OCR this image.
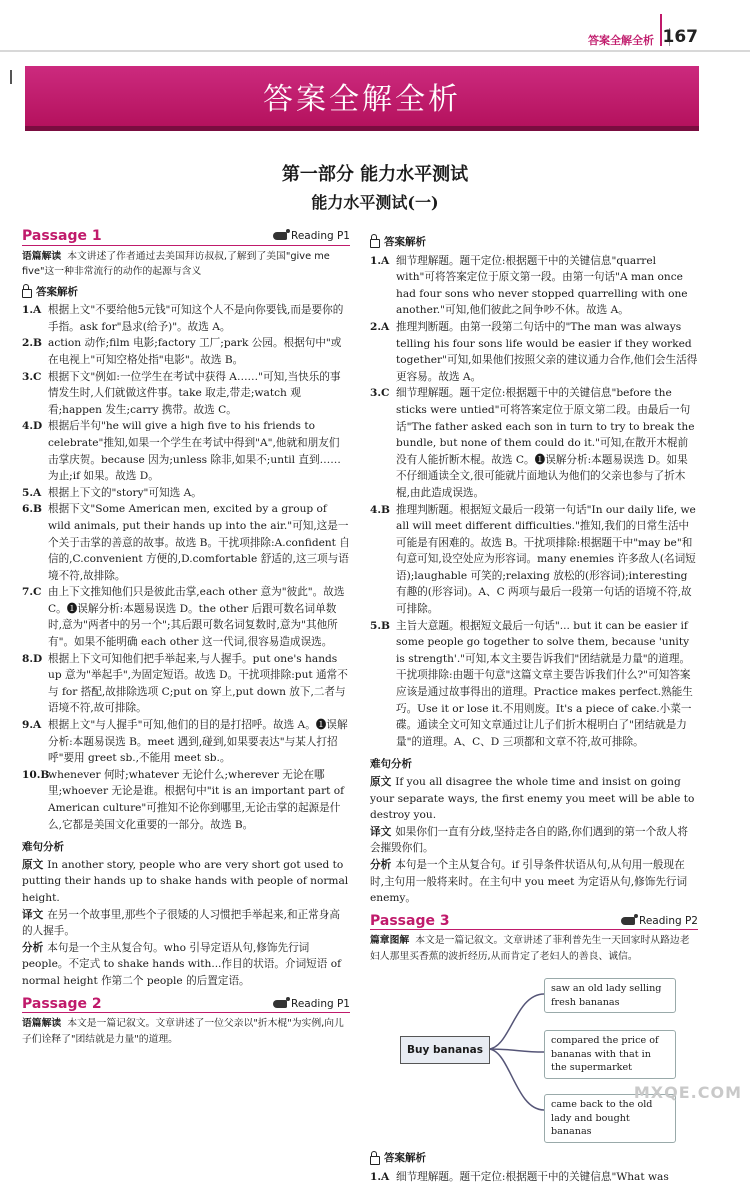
答案全解全析 167
答案全解全析
第一部分 能力水平测试
能力水平测试(一)
Passage 1	Reading P1

语篇解读 本文讲述了作者通过去美国拜访叔叔,了解到了美国"give me five"这一种非常流行的动作的起源与含义

答案解析
1.A 根据上文"不要给他5元钱"可知这个人不是向你要钱,而是要你的手指。ask for"恳求(给予)"。故选 A。
2.B action 动作;film 电影;factory 工厂;park 公园。根据句中"或在电视上"可知空格处指"电影"。故选 B。
3.C 根据下文"例如:一位学生在考试中获得 A……"可知,当快乐的事情发生时,人们就做这件事。take 取走,带走;watch 观看;happen 发生;carry 携带。故选 C。
4.D 根据后半句"he will give a high five to his friends to celebrate"推知,如果一个学生在考试中得到"A",他就和朋友们击掌庆贺。because 因为;unless 除非,如果不;until 直到……为止;if 如果。故选 D。
5.A 根据上下文的"story"可知选 A。
6.B 根据下文"Some American men, excited by a group of wild animals, put their hands up into the air."可知,这是一个关于击掌的善意的故事。故选 B。干扰项排除:A.confident 自信的,C.convenient 方便的,D.comfortable 舒适的,这三项与语境不符,故排除。
7.C 由上下文推知他们只是彼此击掌,each other 意为"彼此"。故选 C。❶误解分析:本题易误选 D。the other 后跟可数名词单数时,意为"两者中的另一个";其后跟可数名词复数时,意为"其他所有"。如果不能明确 each other 这一代词,很容易造成误选。
8.D 根据上下文可知他们把手举起来,与人握手。put one's hands up 意为"举起手",为固定短语。故选 D。干扰项排除:put 通常不与 for 搭配,故排除选项 C;put on 穿上,put down 放下,二者与语境不符,故可排除。
9.A 根据上文"与人握手"可知,他们的目的是打招呼。故选 A。❶误解分析:本题易误选 B。meet 遇到,碰到,如果要表达"与某人打招呼"要用 greet sb.,不能用 meet sb.。
10.B
whenever 何时;whatever 无论什么;wherever 无论在哪里;whoever 无论是谁。根据句中"it is an important part of American culture"可推知不论你到哪里,无论击掌的起源是什么,它都是美国文化重要的一部分。故选 B。
难句分析

原文 In another story, people who are very short got used to putting their hands up to shake hands with people of normal height.

译文 在另一个故事里,那些个子很矮的人习惯把手举起来,和正常身高的人握手。

分析 本句是一个主从复合句。who 引导定语从句,修饰先行词 people。不定式 to shake hands with...作目的状语。介词短语 of normal height 作第二个 people 的后置定语。

Passage 2	Reading P1

语篇解读 本文是一篇记叙文。文章讲述了一位父亲以"折木棍"为实例,向儿子们诠释了"团结就是力量"的道理。

答案解析
1.A 细节理解题。题干定位:根据题干中的关键信息"quarrel with"可将答案定位于原文第一段。由第一句话"A man once had four sons who never stopped quarrelling with one another."可知,他们彼此之间争吵不休。故选 A。
2.A 推理判断题。由第一段第二句话中的"The man was always telling his four sons life would be easier if they worked together"可知,如果他们按照父亲的建议通力合作,他们会生活得更容易。故选 A。
3.C 细节理解题。题干定位:根据题干中的关键信息"before the sticks were untied"可将答案定位于原文第二段。由最后一句话"The father asked each son in turn to try to break the bundle, but none of them could do it."可知,在散开木棍前没有人能折断木棍。故选 C。❶误解分析:本题易误选 D。如果不仔细通读全文,很可能就片面地认为他们的父亲也参与了折木棍,由此造成误选。
4.B 推理判断题。根据短文最后一段第一句话"In our daily life, we all will meet different difficulties."推知,我们的日常生活中可能是有困难的。故选 B。干扰项排除:根据题干中"may be"和句意可知,设空处应为形容词。many enemies 许多敌人(名词短语);laughable 可笑的;relaxing 放松的(形容词);interesting 有趣的(形容词)。A、C 两项与最后一段第一句话的语境不符,故可排除。
5.B 主旨大意题。根据短文最后一句话"... but it can be easier if some people go together to solve them, because 'unity is strength'."可知,本文主要告诉我们"团结就是力量"的道理。干扰项排除:由题干句意"这篇文章主要告诉我们什么?"可知答案应该是通过故事得出的道理。Practice makes perfect.熟能生巧。Use it or lose it.不用则废。It's a piece of cake.小菜一碟。通读全文可知文章通过让儿子们折木棍明白了"团结就是力量"的道理。A、C、D 三项都和文章不符,故可排除。
难句分析

原文 If you all disagree the whole time and insist on going your separate ways, the first enemy you meet will be able to destroy you.

译文 如果你们一直有分歧,坚持走各自的路,你们遇到的第一个敌人将会摧毁你们。

分析 本句是一个主从复合句。if 引导条件状语从句,从句用一般现在时,主句用一般将来时。在主句中 you meet 为定语从句,修饰先行词 enemy。

Passage 3	Reading P2

篇章图解 本文是一篇记叙文。文章讲述了菲利普先生一天回家时从路边老妇人那里买香蕉的波折经历,从而肯定了老妇人的善良、诚信。

Buy bananas
saw an old lady selling fresh bananas
compared the price of bananas with that in the supermarket
came back to the old lady and bought bananas
答案解析
1.A 细节理解题。题干定位:根据题干中的关键信息"What was
MXQE.COM
